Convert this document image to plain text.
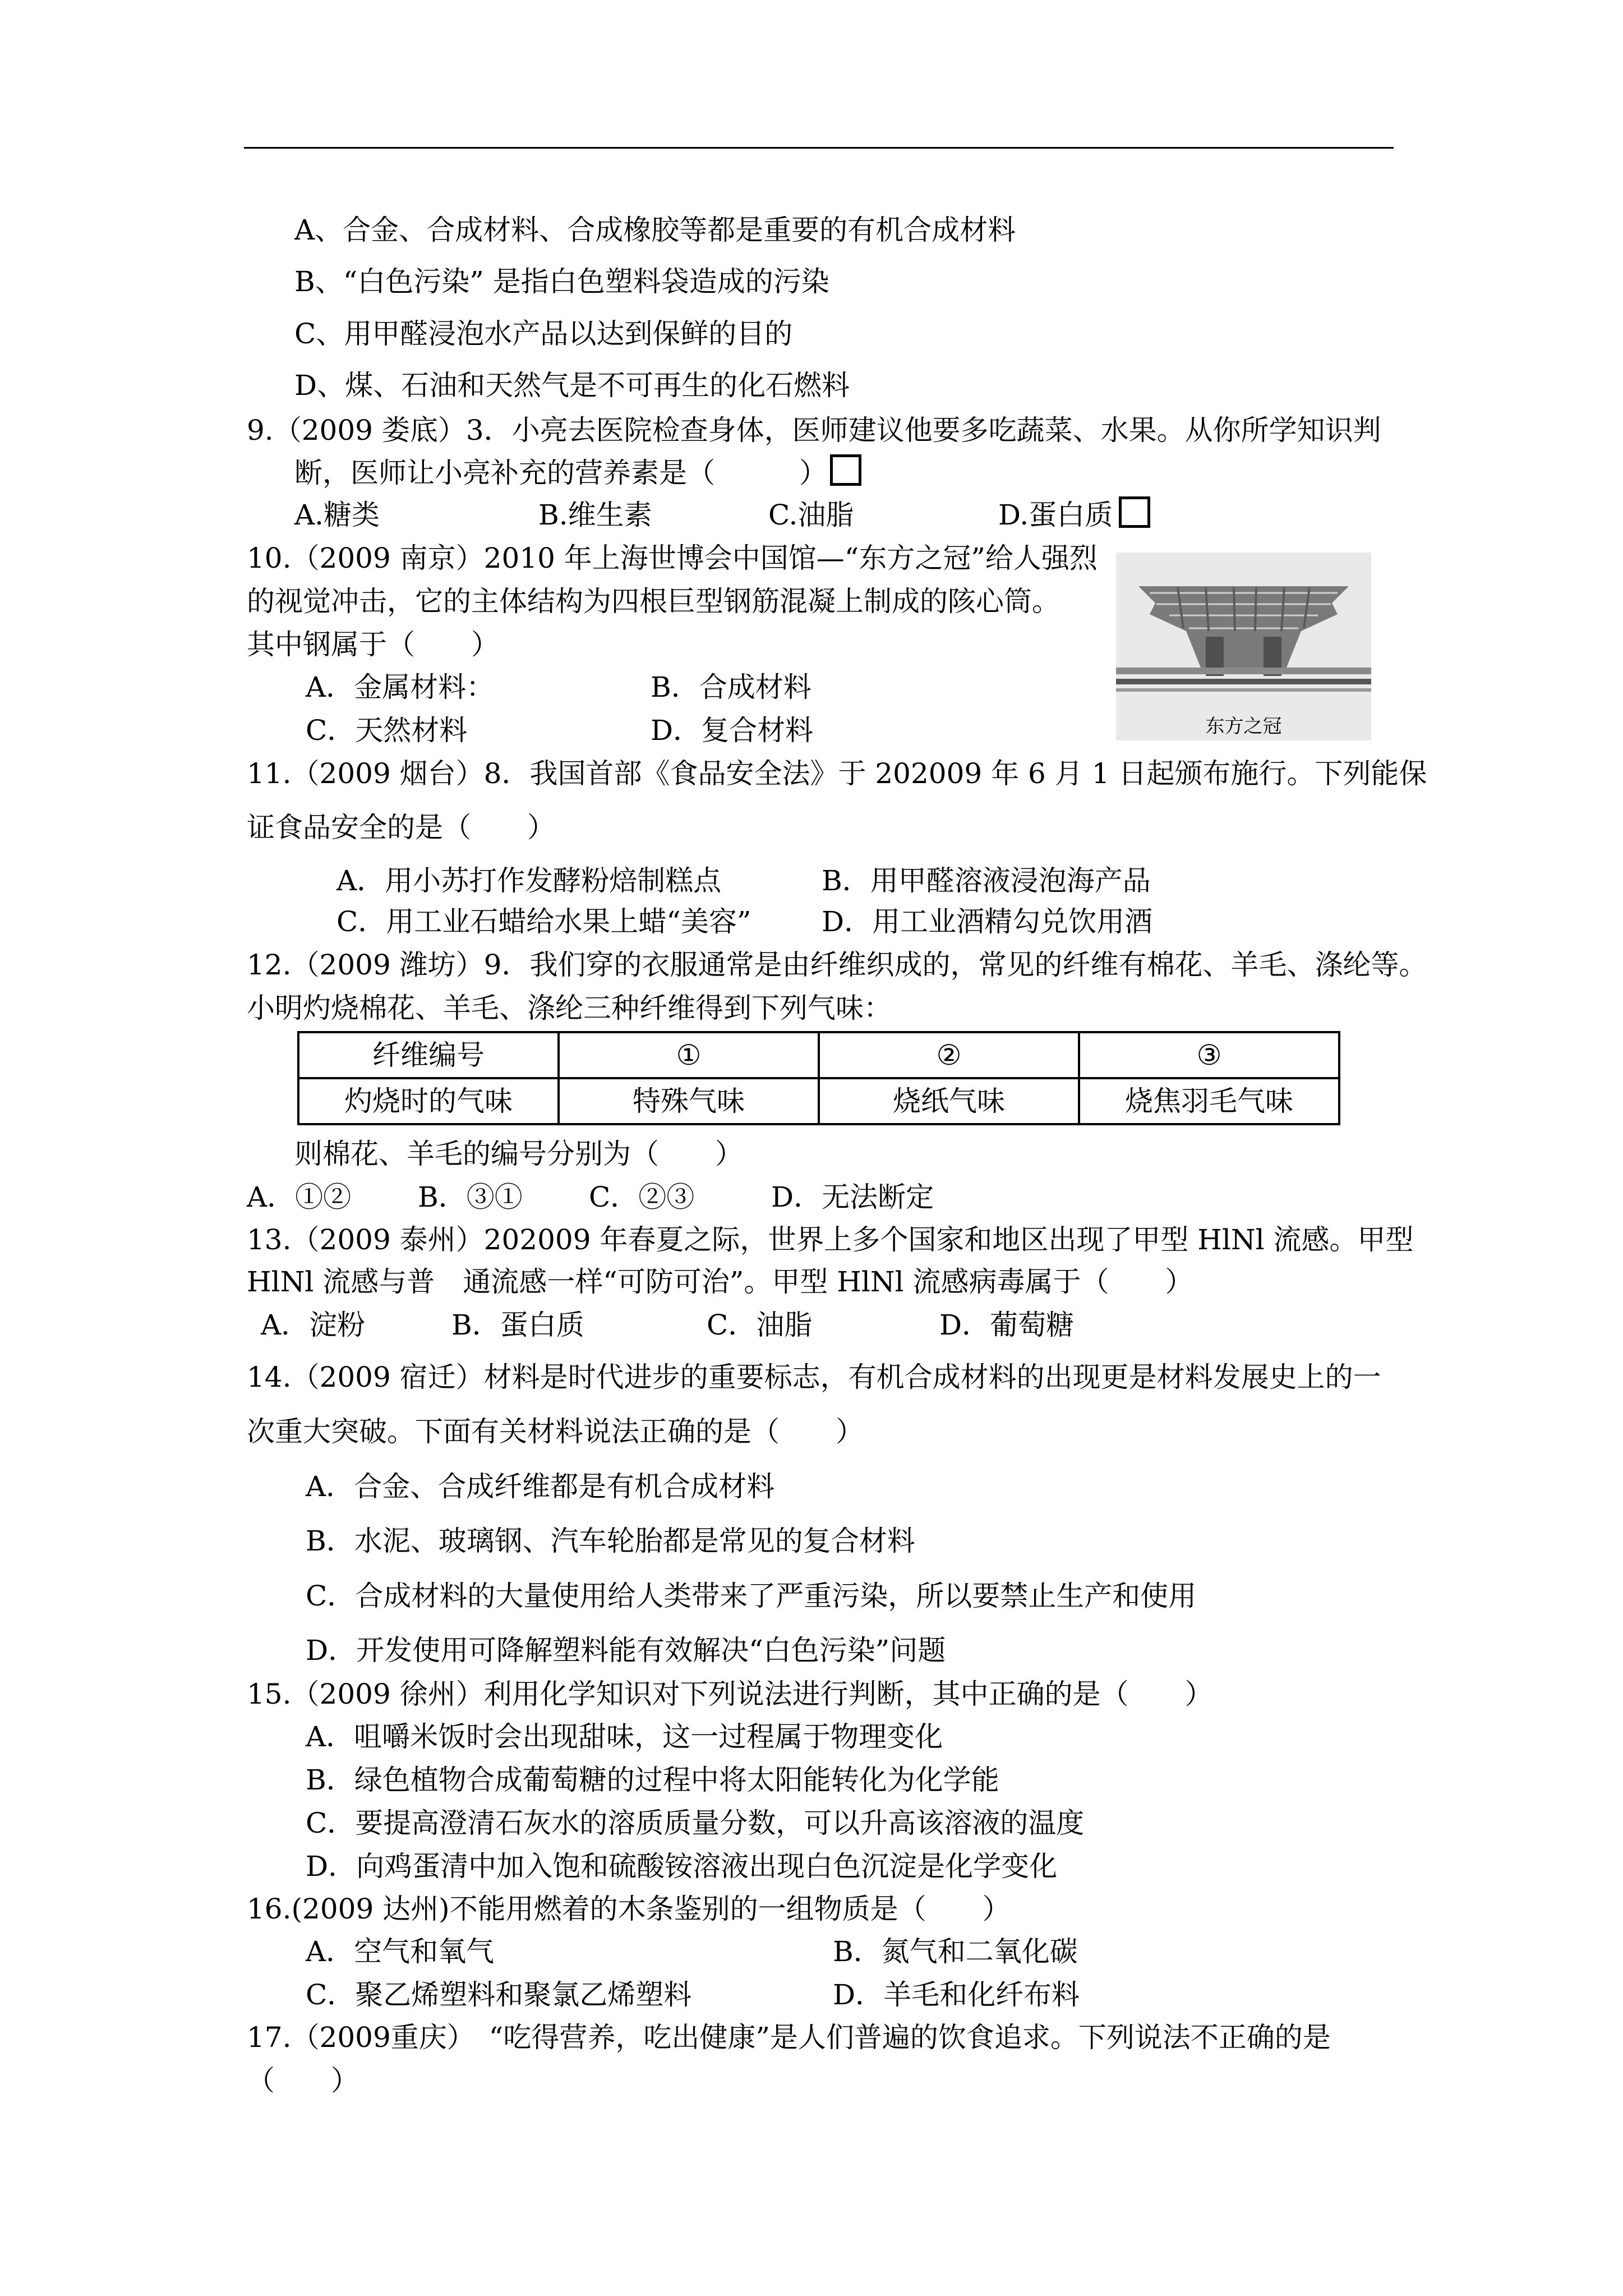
A、合金、合成材料、合成橡胶等都是重要的有机合成材料
B、“白色污染” 是指白色塑料袋造成的污染
C、用甲醛浸泡水产品以达到保鲜的目的
D、煤、石油和天然气是不可再生的化石燃料
9.（2009 娄底）3．小亮去医院检查身体，医师建议他要多吃蔬菜、水果。从你所学知识判
断，医师让小亮补充的营养素是（　　　）
A.糖类	B.维生素	C.油脂	D.蛋白质
10.（2009 南京）2010 年上海世博会中国馆—“东方之冠”给人强烈
的视觉冲击，它的主体结构为四根巨型钢筋混凝上制成的陔心筒。
其中钢属于（　　）
A．金属材料：	B．合成材料
C．天然材料	D．复合材料	东方之冠
11.（2009 烟台）8．我国首部《食品安全法》于 202009 年 6 月 1 日起颁布施行。下列能保
证食品安全的是（　　）
A．用小苏打作发酵粉焙制糕点	B．用甲醛溶液浸泡海产品
C．用工业石蜡给水果上蜡“美容”	D．用工业酒精勾兑饮用酒
12.（2009 潍坊）9．我们穿的衣服通常是由纤维织成的，常见的纤维有棉花、羊毛、涤纶等。
小明灼烧棉花、羊毛、涤纶三种纤维得到下列气味：
纤维编号	①	②	③
灼烧时的气味	特殊气味	烧纸气味	烧焦羽毛气味
则棉花、羊毛的编号分别为（　　）
A．①② B．③① C．②③	D．无法断定
13.（2009 泰州）202009 年春夏之际，世界上多个国家和地区出现了甲型 HlNl 流感。甲型
HlNl 流感与普　通流感一样“可防可治”。甲型 HlNl 流感病毒属于（　　）
A．淀粉	B．蛋白质	C．油脂	D．葡萄糖
14.（2009 宿迁）材料是时代进步的重要标志，有机合成材料的出现更是材料发展史上的一
次重大突破。下面有关材料说法正确的是（　　）
A．合金、合成纤维都是有机合成材料
B．水泥、玻璃钢、汽车轮胎都是常见的复合材料
C．合成材料的大量使用给人类带来了严重污染，所以要禁止生产和使用
D．开发使用可降解塑料能有效解决“白色污染”问题
15.（2009 徐州）利用化学知识对下列说法进行判断，其中正确的是（　　）
A．咀嚼米饭时会出现甜味，这一过程属于物理变化
B．绿色植物合成葡萄糖的过程中将太阳能转化为化学能
C．要提高澄清石灰水的溶质质量分数，可以升高该溶液的温度
D．向鸡蛋清中加入饱和硫酸铵溶液出现白色沉淀是化学变化
16.(2009 达州)不能用燃着的木条鉴别的一组物质是（　　）
A．空气和氧气	B．氮气和二氧化碳
C．聚乙烯塑料和聚氯乙烯塑料	D．羊毛和化纤布料
17.（2009重庆）　“吃得营养，吃出健康”是人们普遍的饮食追求。下列说法不正确的是
（　　）
